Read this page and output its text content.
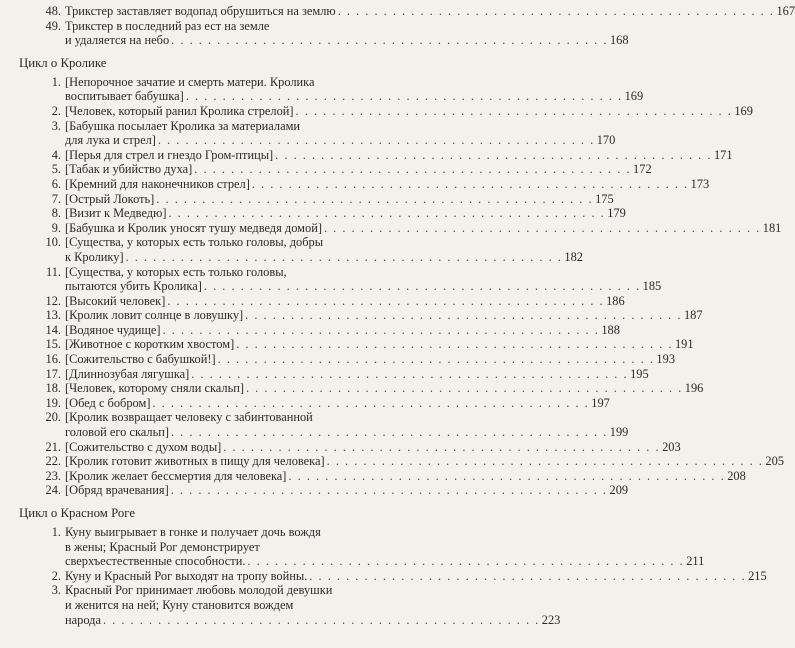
48. Трикстер заставляет водопад обрушиться на землю . . . . . . . . . . . . . . . . . . . . . . . . . . . . . . . . . . . . . . . . . . . . . . . . 167
49. Трикстер в последний раз ест на земле
и удаляется на небо . . . . . . . . . . . . . . . . . . . . . . . . . . . . . . . . . . . . . . . . . . . . . . . . 168
Цикл о Кролике
1. [Непорочное зачатие и смерть матери. Кролика
воспитывает бабушка] . . . . . . . . . . . . . . . . . . . . . . . . . . . . . . . . . . . . . . . . . . . . . . . . 169
2. [Человек, который ранил Кролика стрелой] . . . . . . . . . . . . . . . . . . . . . . . . . . . . . . . . . . . . . . . . . . . . . . . . 169
3. [Бабушка посылает Кролика за материалами
для лука и стрел] . . . . . . . . . . . . . . . . . . . . . . . . . . . . . . . . . . . . . . . . . . . . . . . . 170
4. [Перья для стрел и гнездо Гром-птицы] . . . . . . . . . . . . . . . . . . . . . . . . . . . . . . . . . . . . . . . . . . . . . . . . 171
5. [Табак и убийство духа] . . . . . . . . . . . . . . . . . . . . . . . . . . . . . . . . . . . . . . . . . . . . . . . . 172
6. [Кремний для наконечников стрел] . . . . . . . . . . . . . . . . . . . . . . . . . . . . . . . . . . . . . . . . . . . . . . . . 173
7. [Острый Локоть] . . . . . . . . . . . . . . . . . . . . . . . . . . . . . . . . . . . . . . . . . . . . . . . . 175
8. [Визит к Медведю] . . . . . . . . . . . . . . . . . . . . . . . . . . . . . . . . . . . . . . . . . . . . . . . . 179
9. [Бабушка и Кролик уносят тушу медведя домой] . . . . . . . . . . . . . . . . . . . . . . . . . . . . . . . . . . . . . . . . . . . . . . . . 181
10. [Существа, у которых есть только головы, добры
к Кролику] . . . . . . . . . . . . . . . . . . . . . . . . . . . . . . . . . . . . . . . . . . . . . . . . 182
11. [Существа, у которых есть только головы,
пытаются убить Кролика] . . . . . . . . . . . . . . . . . . . . . . . . . . . . . . . . . . . . . . . . . . . . . . . . 185
12. [Высокий человек] . . . . . . . . . . . . . . . . . . . . . . . . . . . . . . . . . . . . . . . . . . . . . . . . 186
13. [Кролик ловит солнце в ловушку] . . . . . . . . . . . . . . . . . . . . . . . . . . . . . . . . . . . . . . . . . . . . . . . . 187
14. [Водяное чудище] . . . . . . . . . . . . . . . . . . . . . . . . . . . . . . . . . . . . . . . . . . . . . . . . 188
15. [Животное с коротким хвостом] . . . . . . . . . . . . . . . . . . . . . . . . . . . . . . . . . . . . . . . . . . . . . . . . 191
16. [Сожительство с бабушкой!] . . . . . . . . . . . . . . . . . . . . . . . . . . . . . . . . . . . . . . . . . . . . . . . . 193
17. [Длиннозубая лягушка] . . . . . . . . . . . . . . . . . . . . . . . . . . . . . . . . . . . . . . . . . . . . . . . . 195
18. [Человек, которому сняли скальп] . . . . . . . . . . . . . . . . . . . . . . . . . . . . . . . . . . . . . . . . . . . . . . . . 196
19. [Обед с бобром] . . . . . . . . . . . . . . . . . . . . . . . . . . . . . . . . . . . . . . . . . . . . . . . . 197
20. [Кролик возвращает человеку с забинтованной
головой его скальп] . . . . . . . . . . . . . . . . . . . . . . . . . . . . . . . . . . . . . . . . . . . . . . . . 199
21. [Сожительство с духом воды] . . . . . . . . . . . . . . . . . . . . . . . . . . . . . . . . . . . . . . . . . . . . . . . . 203
22. [Кролик готовит животных в пищу для человека] . . . . . . . . . . . . . . . . . . . . . . . . . . . . . . . . . . . . . . . . . . . . . . . . 205
23. [Кролик желает бессмертия для человека] . . . . . . . . . . . . . . . . . . . . . . . . . . . . . . . . . . . . . . . . . . . . . . . . 208
24. [Обряд врачевания] . . . . . . . . . . . . . . . . . . . . . . . . . . . . . . . . . . . . . . . . . . . . . . . . 209
Цикл о Красном Роге
1. Куну выигрывает в гонке и получает дочь вождя
в жены; Красный Рог демонстрирует
сверхъестественные способности. . . . . . . . . . . . . . . . . . . . . . . . . . . . . . . . . . . . . . . . . . . . . . . . . 211
2. Куну и Красный Рог выходят на тропу войны. . . . . . . . . . . . . . . . . . . . . . . . . . . . . . . . . . . . . . . . . . . . . . . . . 215
3. Красный Рог принимает любовь молодой девушки
и женится на ней; Куну становится вождем
народа . . . . . . . . . . . . . . . . . . . . . . . . . . . . . . . . . . . . . . . . . . . . . . . . 223
